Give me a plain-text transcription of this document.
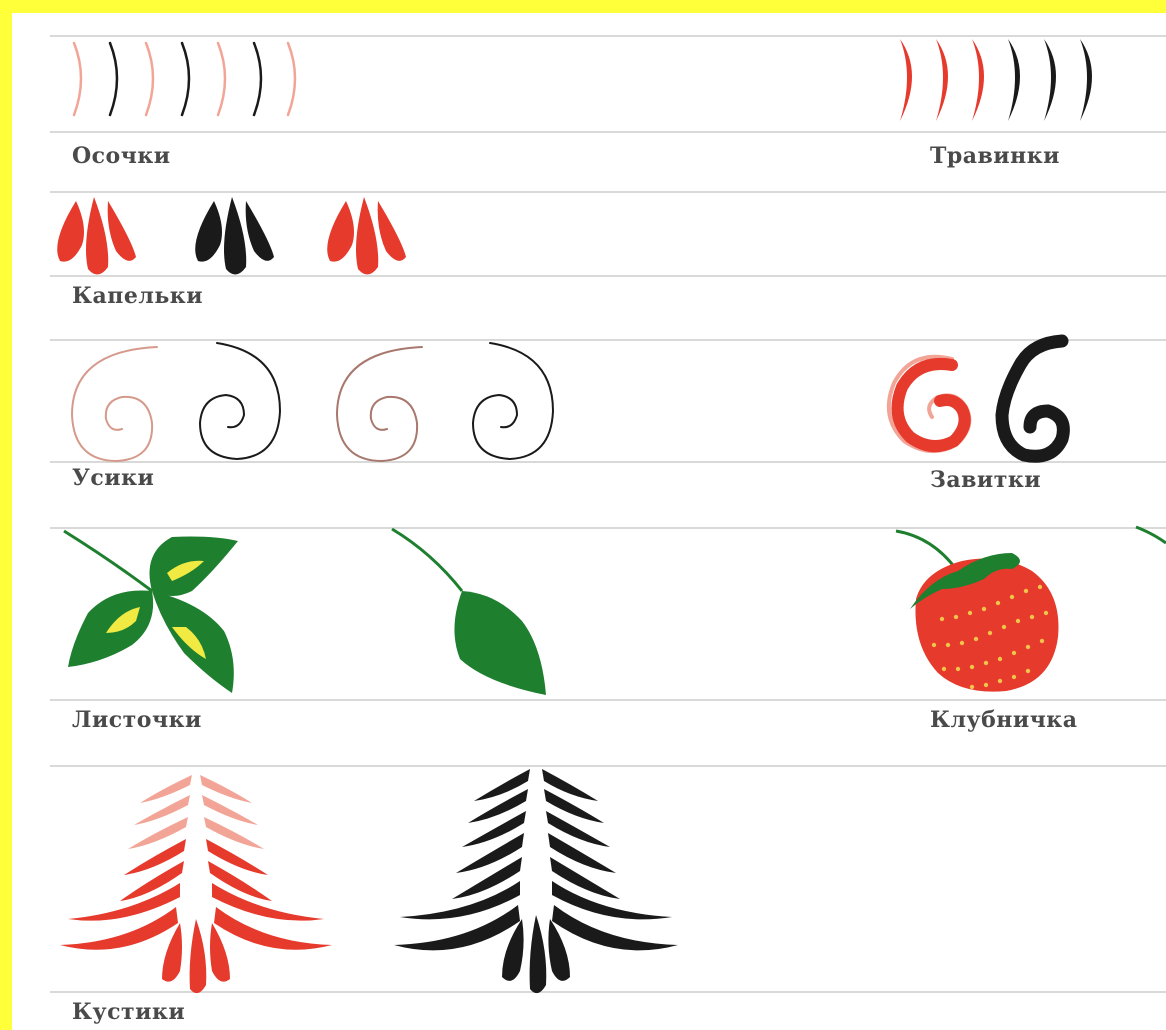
Осочки	Травинки
Капельки
Усики	Завитки
Листочки	Клубничка
Кустики
